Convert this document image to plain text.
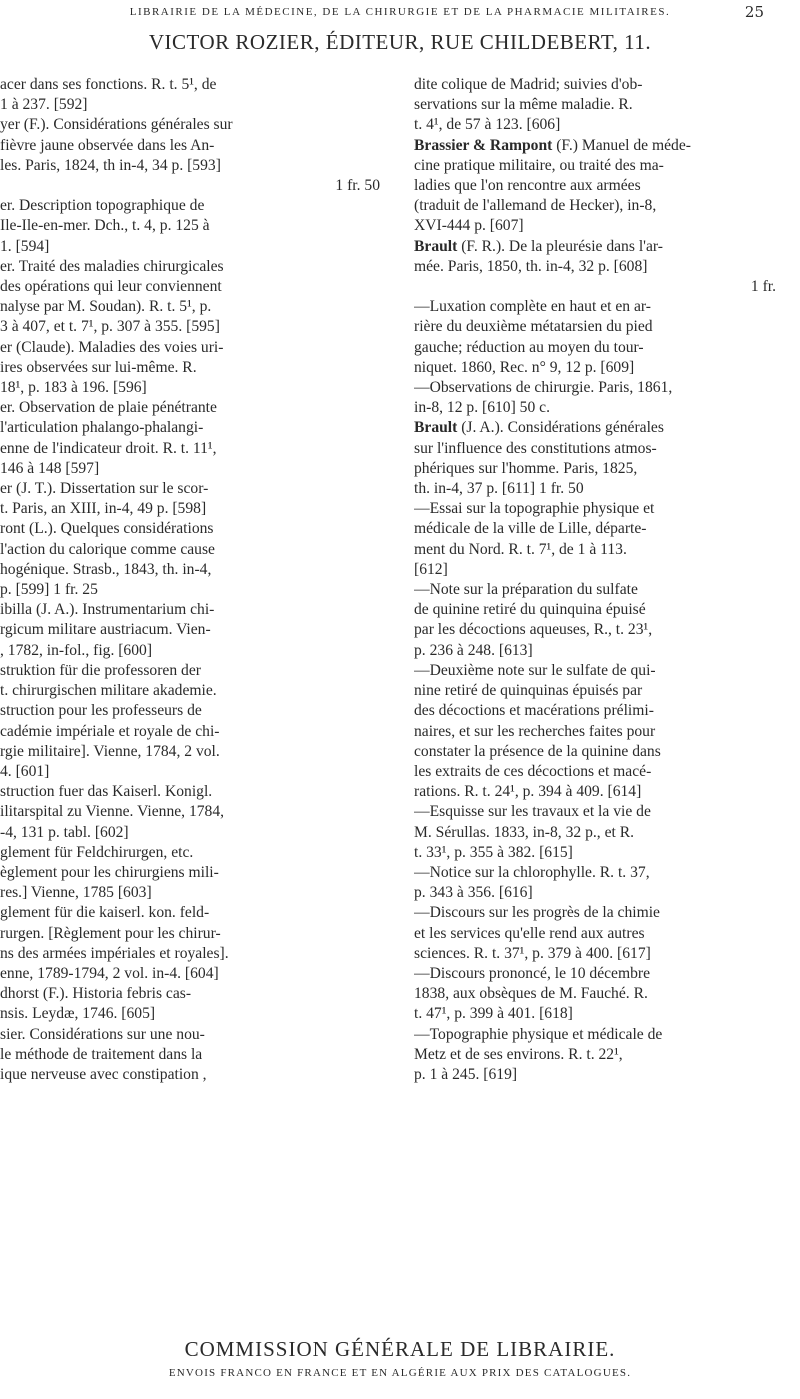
LIBRAIRIE DE LA MÉDECINE, DE LA CHIRURGIE ET DE LA PHARMACIE MILITAIRES.	25
VICTOR ROZIER, ÉDITEUR, RUE CHILDEBERT, 11.
acer dans ses fonctions. R. t. 5¹, de
1 à 237. [592]
yer (F.). Considérations générales sur
fièvre jaune observée dans les An-
les. Paris, 1824, th in-4, 34 p. [593]
1 fr. 50
er. Description topographique de
Ile-Ile-en-mer. Dch., t. 4, p. 125 à
1. [594]
er. Traité des maladies chirurgicales
des opérations qui leur conviennent
nalyse par M. Soudan). R. t. 5¹, p.
3 à 407, et t. 7¹, p. 307 à 355. [595]
er (Claude). Maladies des voies uri-
ires observées sur lui-même. R.
18¹, p. 183 à 196. [596]
er. Observation de plaie pénétrante
l'articulation phalango-phalangi-
enne de l'indicateur droit. R. t. 11¹,
146 à 148 [597]
er (J. T.). Dissertation sur le scor-
t. Paris, an XIII, in-4, 49 p. [598]
ront (L.). Quelques considérations
l'action du calorique comme cause
hogénique. Strasb., 1843, th. in-4,
p. [599] 1 fr. 25
ibilla (J. A.). Instrumentarium chi-
rgicum militare austriacum. Vien-
, 1782, in-fol., fig. [600]
struktion für die professoren der
t. chirurgischen militare akademie.
struction pour les professeurs de
cadémie impériale et royale de chi-
rgie militaire]. Vienne, 1784, 2 vol.
4. [601]
struction fuer das Kaiserl. Konigl.
ilitarspital zu Vienne. Vienne, 1784,
-4, 131 p. tabl. [602]
glement für Feldchirurgen, etc.
èglement pour les chirurgiens mili-
res.] Vienne, 1785 [603]
glement für die kaiserl. kon. feld-
rurgen. [Règlement pour les chirur-
ns des armées impériales et royales].
enne, 1789-1794, 2 vol. in-4. [604]
dhorst (F.). Historia febris cas-
nsis. Leydæ, 1746. [605]
sier. Considérations sur une nou-
le méthode de traitement dans la
ique nerveuse avec constipation ,
dite colique de Madrid; suivies d'ob-
servations sur la même maladie. R.
t. 4¹, de 57 à 123. [606]
Brassier & Rampont (F.) Manuel de méde-
cine pratique militaire, ou traité des ma-
ladies que l'on rencontre aux armées
(traduit de l'allemand de Hecker), in-8,
XVI-444 p. [607]
Brault (F. R.). De la pleurésie dans l'ar-
mée. Paris, 1850, th. in-4, 32 p. [608]
1 fr.
—Luxation complète en haut et en ar-
rière du deuxième métatarsien du pied
gauche; réduction au moyen du tour-
niquet. 1860, Rec. n° 9, 12 p. [609]
—Observations de chirurgie. Paris, 1861,
in-8, 12 p. [610] 50 c.
Brault (J. A.). Considérations générales
sur l'influence des constitutions atmos-
phériques sur l'homme. Paris, 1825,
th. in-4, 37 p. [611] 1 fr. 50
—Essai sur la topographie physique et
médicale de la ville de Lille, départe-
ment du Nord. R. t. 7¹, de 1 à 113.
[612]
—Note sur la préparation du sulfate
de quinine retiré du quinquina épuisé
par les décoctions aqueuses, R., t. 23¹,
p. 236 à 248. [613]
—Deuxième note sur le sulfate de qui-
nine retiré de quinquinas épuisés par
des décoctions et macérations prélimi-
naires, et sur les recherches faites pour
constater la présence de la quinine dans
les extraits de ces décoctions et macé-
rations. R. t. 24¹, p. 394 à 409. [614]
—Esquisse sur les travaux et la vie de
M. Sérullas. 1833, in-8, 32 p., et R.
t. 33¹, p. 355 à 382. [615]
—Notice sur la chlorophylle. R. t. 37,
p. 343 à 356. [616]
—Discours sur les progrès de la chimie
et les services qu'elle rend aux autres
sciences. R. t. 37¹, p. 379 à 400. [617]
—Discours prononcé, le 10 décembre
1838, aux obsèques de M. Fauché. R.
t. 47¹, p. 399 à 401. [618]
—Topographie physique et médicale de
Metz et de ses environs. R. t. 22¹,
p. 1 à 245. [619]
COMMISSION GÉNÉRALE DE LIBRAIRIE.
ENVOIS FRANCO EN FRANCE ET EN ALGÉRIE AUX PRIX DES CATALOGUES.
